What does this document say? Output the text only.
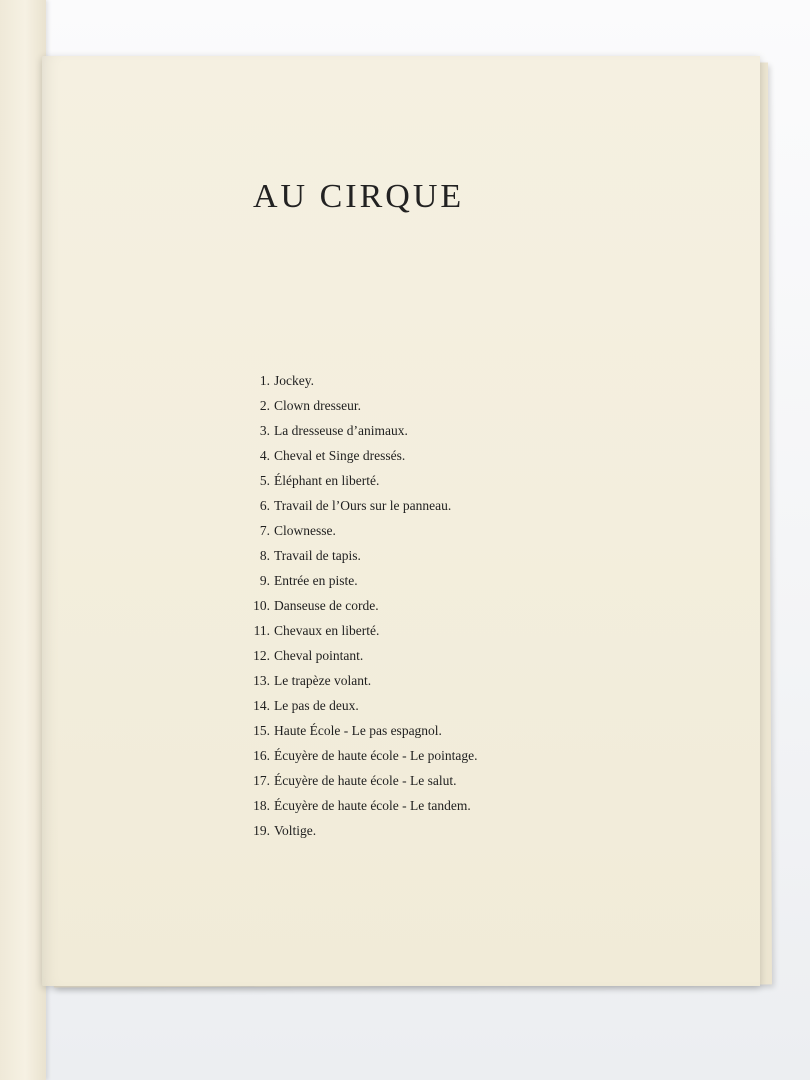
AU CIRQUE
1. Jockey.
2. Clown dresseur.
3. La dresseuse d’animaux.
4. Cheval et Singe dressés.
5. Éléphant en liberté.
6. Travail de l’Ours sur le panneau.
7. Clownesse.
8. Travail de tapis.
9. Entrée en piste.
10. Danseuse de corde.
11. Chevaux en liberté.
12. Cheval pointant.
13. Le trapèze volant.
14. Le pas de deux.
15. Haute École - Le pas espagnol.
16. Écuyère de haute école - Le pointage.
17. Écuyère de haute école - Le salut.
18. Écuyère de haute école - Le tandem.
19. Voltige.
